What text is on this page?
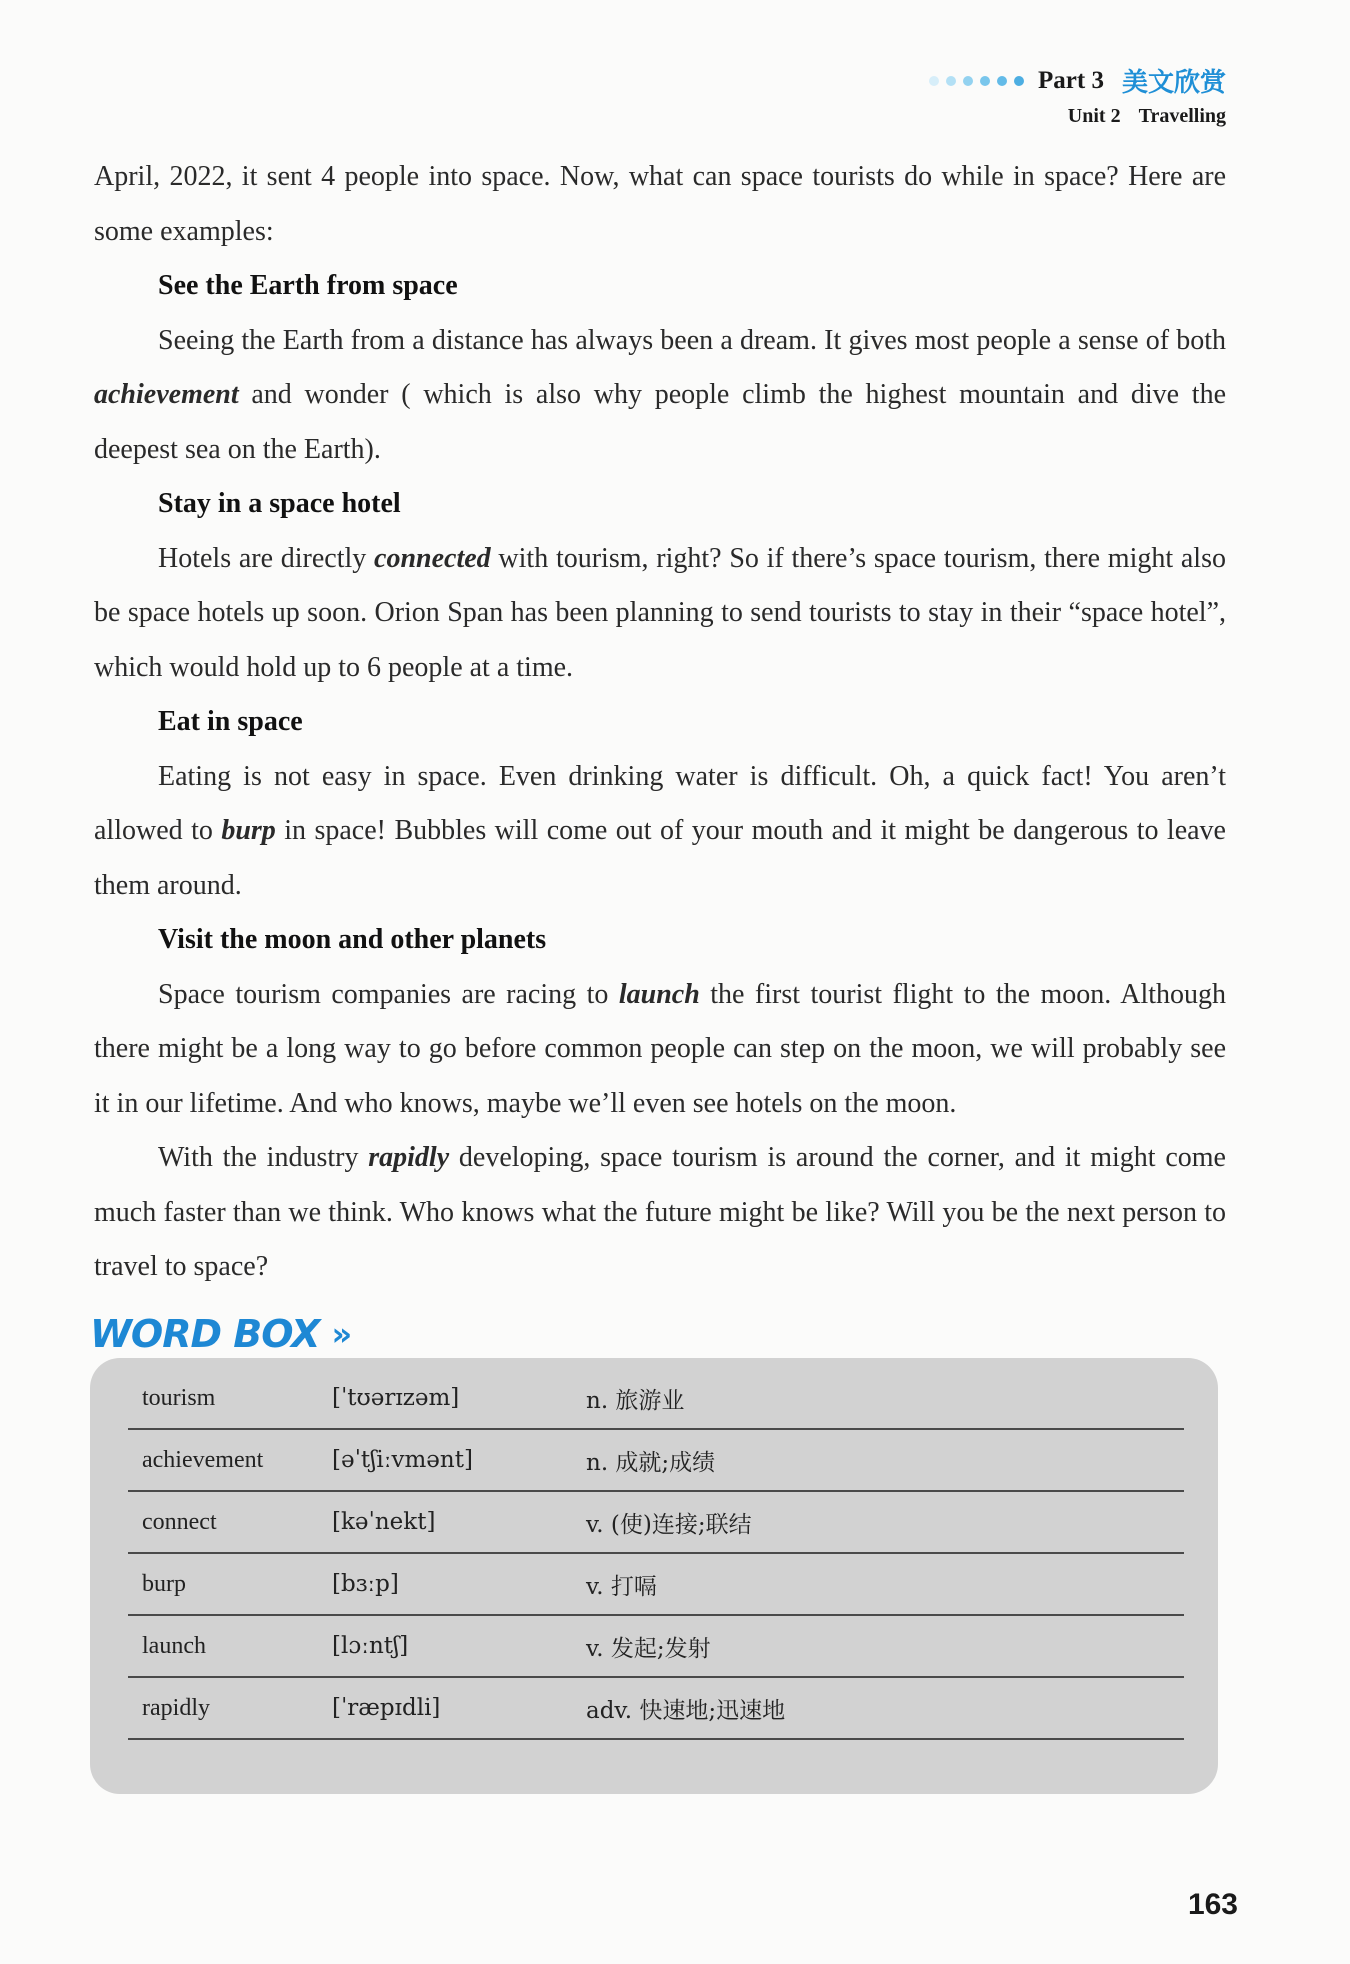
Part 3 美文欣赏
Unit 2 Travelling

April, 2022, it sent 4 people into space. Now, what can space tourists do while in space? Here are some examples:

See the Earth from space

Seeing the Earth from a distance has always been a dream. It gives most people a sense of both achievement and wonder ( which is also why people climb the highest mountain and dive the deepest sea on the Earth).

Stay in a space hotel

Hotels are directly connected with tourism, right? So if there’s space tourism, there might also be space hotels up soon. Orion Span has been planning to send tourists to stay in their “space hotel”, which would hold up to 6 people at a time.

Eat in space

Eating is not easy in space. Even drinking water is difficult. Oh, a quick fact! You aren’t allowed to burp in space! Bubbles will come out of your mouth and it might be dangerous to leave them around.

Visit the moon and other planets

Space tourism companies are racing to launch the first tourist flight to the moon. Although there might be a long way to go before common people can step on the moon, we will probably see it in our lifetime. And who knows, maybe we’ll even see hotels on the moon.

With the industry rapidly developing, space tourism is around the corner, and it might come much faster than we think. Who knows what the future might be like? Will you be the next person to travel to space?

WORD BOX »
tourism	[ˈtʊərɪzəm]	n. 旅游业
achievement	[əˈtʃiːvmənt]	n. 成就;成绩
connect	[kəˈnekt]	v. (使)连接;联结
burp	[bɜːp]	v. 打嗝
launch	[lɔːntʃ]	v. 发起;发射
rapidly	[ˈræpɪdli]	adv. 快速地;迅速地
163
